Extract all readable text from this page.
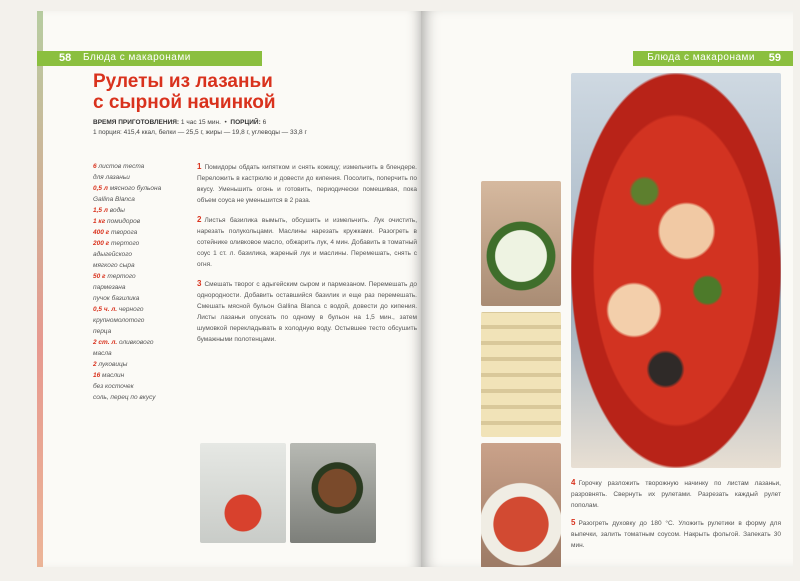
58 Блюда с макаронами
Рулеты из лазаньи
с сырной начинкой
ВРЕМЯ ПРИГОТОВЛЕНИЯ: 1 час 15 мин.  •  ПОРЦИЙ: 6
1 порция: 415,4 ккал, белки — 25,5 г, жиры — 19,8 г, углеводы — 33,8 г
6 листов теста
для лазаньи
0,5 л мясного бульона
Gallina Blanca
1,5 л воды
1 кг помидоров
400 г творога
200 г тертого
адыгейского
мягкого сыра
50 г тертого
пармезана
пучок базилика
0,5 ч. л. черного
крупномолотого
перца
2 ст. л. оливкового
масла
2 луковицы
16 маслин
без косточек
соль, перец по вкусу

1 Помидоры обдать кипятком и снять кожицу; измельчить в блендере. Переложить в кастрюлю и довести до кипения. Посолить, поперчить по вкусу. Уменьшить огонь и готовить, периодически помешивая, пока объем соуса не уменьшится в 2 раза.

2 Листья базилика вымыть, обсушить и измельчить. Лук очистить, нарезать полукольцами. Маслины нарезать кружками. Разогреть в сотейнике оливковое масло, обжарить лук, 4 мин. Добавить в томатный соус 1 ст. л. базилика, жареный лук и маслины. Перемешать, снять с огня.

3 Смешать творог с адыгейским сыром и пармезаном. Перемешать до однородности. Добавить оставшийся базилик и еще раз перемешать. Смешать мясной бульон Gallina Blanca с водой, довести до кипения. Листы лазаньи опускать по одному в бульон на 1,5 мин., затем шумовкой перекладывать в холодную воду. Остывшее тесто обсушить бумажными полотенцами.

Блюда с макаронами 59

4 Горочку разложить творожную начинку по листам лазаньи, разровнять. Свернуть их рулетами. Разрезать каждый рулет пополам.

5 Разогреть духовку до 180 °C. Уложить рулетики в форму для выпечки, залить томатным соусом. Накрыть фольгой. Запекать 30 мин.
